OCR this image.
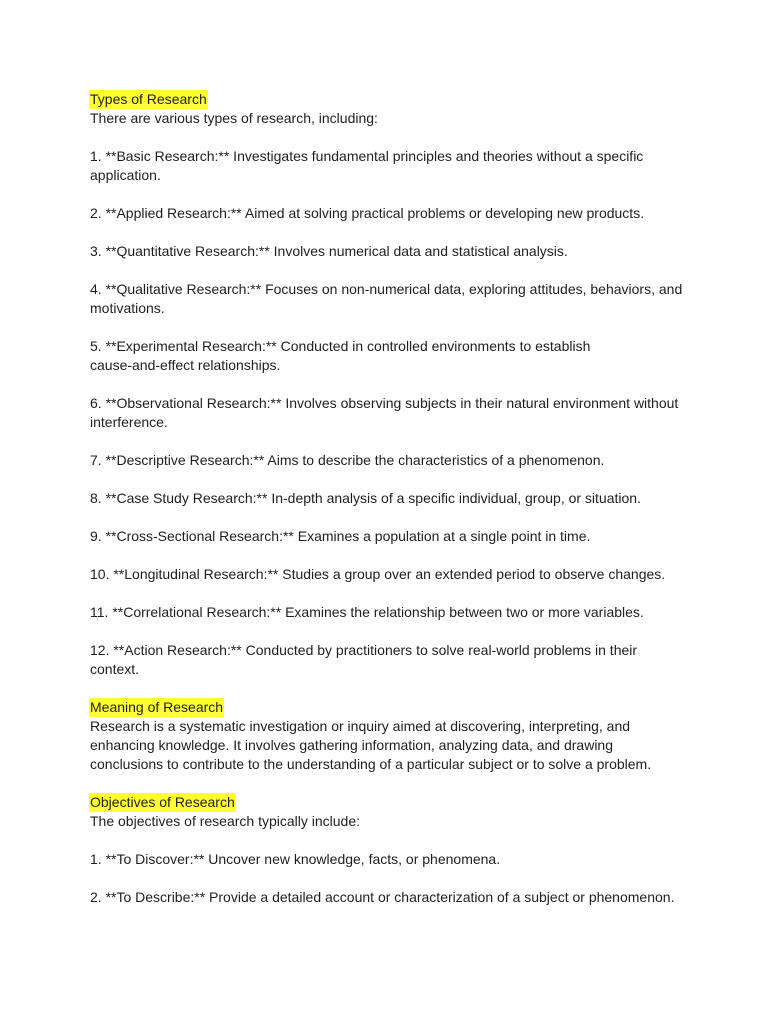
Types of Research

There are various types of research, including:

1. **Basic Research:** Investigates fundamental principles and theories without a specific
application.
2. **Applied Research:** Aimed at solving practical problems or developing new products.
3. **Quantitative Research:** Involves numerical data and statistical analysis.
4. **Qualitative Research:** Focuses on non-numerical data, exploring attitudes, behaviors, and
motivations.
5. **Experimental Research:** Conducted in controlled environments to establish
cause-and-effect relationships.
6. **Observational Research:** Involves observing subjects in their natural environment without
interference.
7. **Descriptive Research:** Aims to describe the characteristics of a phenomenon.
8. **Case Study Research:** In-depth analysis of a specific individual, group, or situation.
9. **Cross-Sectional Research:** Examines a population at a single point in time.
10. **Longitudinal Research:** Studies a group over an extended period to observe changes.
11. **Correlational Research:** Examines the relationship between two or more variables.
12. **Action Research:** Conducted by practitioners to solve real-world problems in their
context.
Meaning of Research

Research is a systematic investigation or inquiry aimed at discovering, interpreting, and
enhancing knowledge. It involves gathering information, analyzing data, and drawing
conclusions to contribute to the understanding of a particular subject or to solve a problem.

Objectives of Research

The objectives of research typically include:

1. **To Discover:** Uncover new knowledge, facts, or phenomena.
2. **To Describe:** Provide a detailed account or characterization of a subject or phenomenon.
